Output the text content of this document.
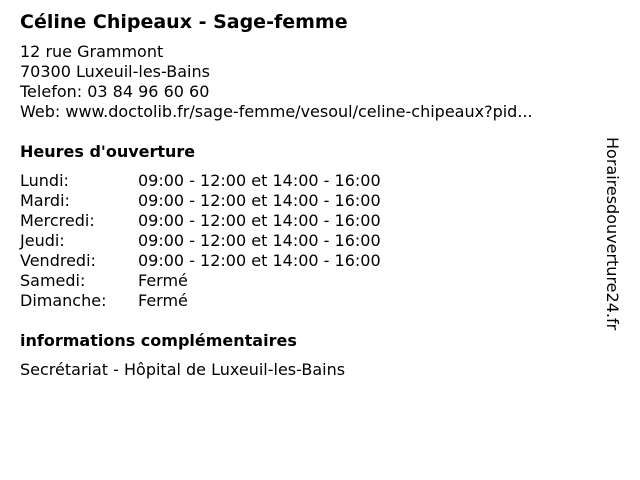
Céline Chipeaux - Sage-femme
12 rue Grammont
70300 Luxeuil-les-Bains
Telefon: 03 84 96 60 60
Web: www.doctolib.fr/sage-femme/vesoul/celine-chipeaux?pid...
Heures d'ouverture
Lundi:	09:00 - 12:00 et 14:00 - 16:00
Mardi:	09:00 - 12:00 et 14:00 - 16:00
Mercredi:	09:00 - 12:00 et 14:00 - 16:00
Jeudi:	09:00 - 12:00 et 14:00 - 16:00
Vendredi:	09:00 - 12:00 et 14:00 - 16:00
Samedi:	Fermé
Dimanche:	Fermé
informations complémentaires
Secrétariat - Hôpital de Luxeuil-les-Bains
Horairesdouverture24.fr
